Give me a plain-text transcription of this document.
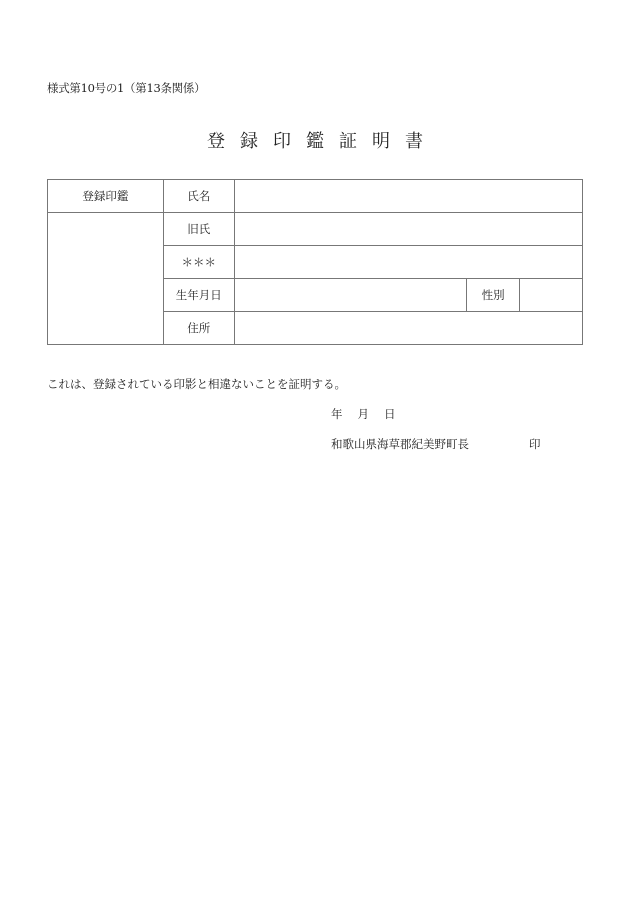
様式第10号の1（第13条関係）
登 録 印 鑑 証 明 書
登録印鑑	氏名			
	旧氏			
	＊＊＊			
	生年月日		性別	
	住所			
これは、登録されている印影と相違ないことを証明する。
年 月 日
和歌山県海草郡紀美野町長	印
